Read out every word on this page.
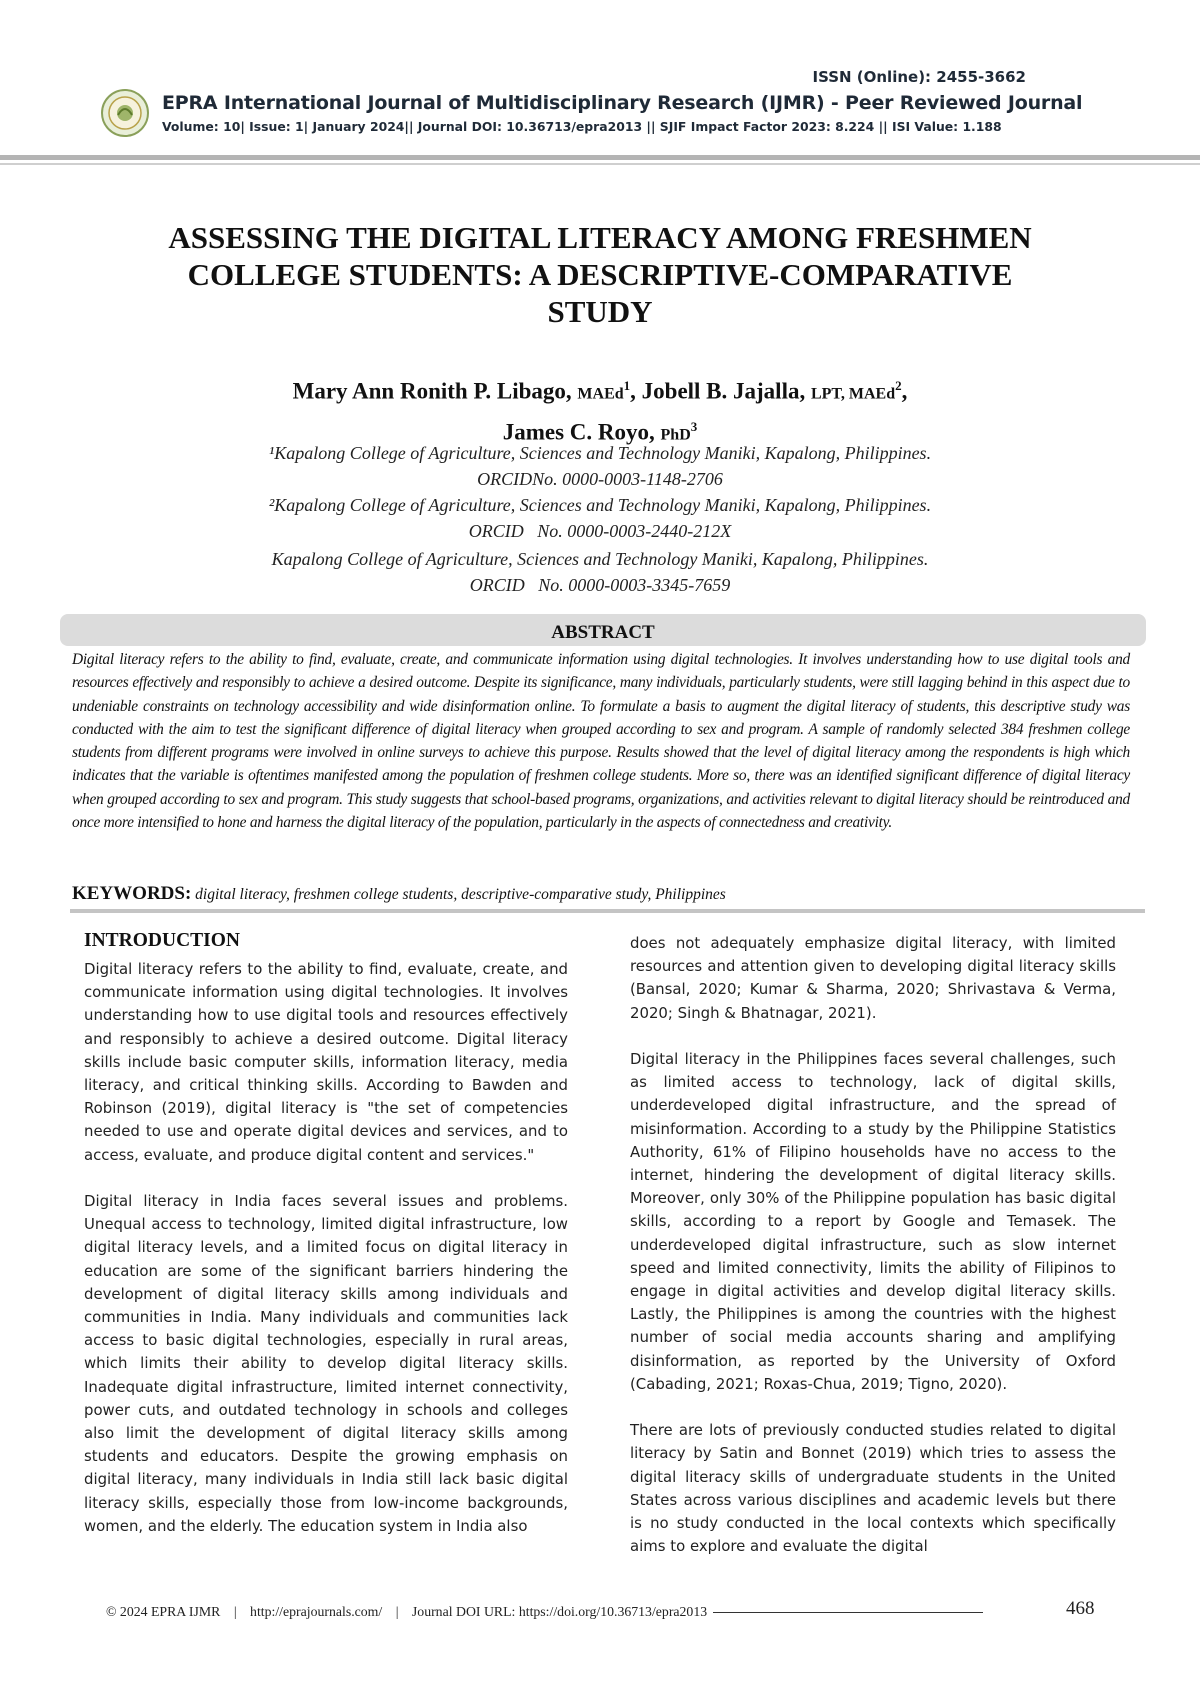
ISSN (Online): 2455-3662
EPRA International Journal of Multidisciplinary Research (IJMR) - Peer Reviewed Journal
Volume: 10| Issue: 1| January 2024|| Journal DOI: 10.36713/epra2013 || SJIF Impact Factor 2023: 8.224 || ISI Value: 1.188
ASSESSING THE DIGITAL LITERACY AMONG FRESHMEN
COLLEGE STUDENTS: A DESCRIPTIVE-COMPARATIVE
STUDY
Mary Ann Ronith P. Libago, MAEd$^1$, Jobell B. Jajalla, LPT, MAEd$^2$,
James C. Royo, PhD$^3$
¹Kapalong College of Agriculture, Sciences and Technology Maniki, Kapalong, Philippines.
ORCIDNo. 0000-0003-1148-2706
²Kapalong College of Agriculture, Sciences and Technology Maniki, Kapalong, Philippines.
ORCID   No. 0000-0003-2440-212X
Kapalong College of Agriculture, Sciences and Technology Maniki, Kapalong, Philippines.
ORCID   No. 0000-0003-3345-7659
ABSTRACT
Digital literacy refers to the ability to find, evaluate, create, and communicate information using digital technologies. It involves understanding how to use digital tools and resources effectively and responsibly to achieve a desired outcome. Despite its significance, many individuals, particularly students, were still lagging behind in this aspect due to undeniable constraints on technology accessibility and wide disinformation online. To formulate a basis to augment the digital literacy of students, this descriptive study was conducted with the aim to test the significant difference of digital literacy when grouped according to sex and program. A sample of randomly selected 384 freshmen college students from different programs were involved in online surveys to achieve this purpose. Results showed that the level of digital literacy among the respondents is high which indicates that the variable is oftentimes manifested among the population of freshmen college students. More so, there was an identified significant difference of digital literacy when grouped according to sex and program. This study suggests that school-based programs, organizations, and activities relevant to digital literacy should be reintroduced and once more intensified to hone and harness the digital literacy of the population, particularly in the aspects of connectedness and creativity.
KEYWORDS: digital literacy, freshmen college students, descriptive-comparative study, Philippines
INTRODUCTION

Digital literacy refers to the ability to find, evaluate, create, and communicate information using digital technologies. It involves understanding how to use digital tools and resources effectively and responsibly to achieve a desired outcome. Digital literacy skills include basic computer skills, information literacy, media literacy, and critical thinking skills. According to Bawden and Robinson (2019), digital literacy is "the set of competencies needed to use and operate digital devices and services, and to access, evaluate, and produce digital content and services."

Digital literacy in India faces several issues and problems. Unequal access to technology, limited digital infrastructure, low digital literacy levels, and a limited focus on digital literacy in education are some of the significant barriers hindering the development of digital literacy skills among individuals and communities in India. Many individuals and communities lack access to basic digital technologies, especially in rural areas, which limits their ability to develop digital literacy skills. Inadequate digital infrastructure, limited internet connectivity, power cuts, and outdated technology in schools and colleges also limit the development of digital literacy skills among students and educators. Despite the growing emphasis on digital literacy, many individuals in India still lack basic digital literacy skills, especially those from low-income backgrounds, women, and the elderly. The education system in India also

does not adequately emphasize digital literacy, with limited resources and attention given to developing digital literacy skills (Bansal, 2020; Kumar & Sharma, 2020; Shrivastava & Verma, 2020; Singh & Bhatnagar, 2021).

Digital literacy in the Philippines faces several challenges, such as limited access to technology, lack of digital skills, underdeveloped digital infrastructure, and the spread of misinformation. According to a study by the Philippine Statistics Authority, 61% of Filipino households have no access to the internet, hindering the development of digital literacy skills. Moreover, only 30% of the Philippine population has basic digital skills, according to a report by Google and Temasek. The underdeveloped digital infrastructure, such as slow internet speed and limited connectivity, limits the ability of Filipinos to engage in digital activities and develop digital literacy skills. Lastly, the Philippines is among the countries with the highest number of social media accounts sharing and amplifying disinformation, as reported by the University of Oxford (Cabading, 2021; Roxas-Chua, 2019; Tigno, 2020).

There are lots of previously conducted studies related to digital literacy by Satin and Bonnet (2019) which tries to assess the digital literacy skills of undergraduate students in the United States across various disciplines and academic levels but there is no study conducted in the local contexts which specifically aims to explore and evaluate the digital

© 2024 EPRA IJMR | http://eprajournals.com/ | Journal DOI URL: https://doi.org/10.36713/epra2013	468
